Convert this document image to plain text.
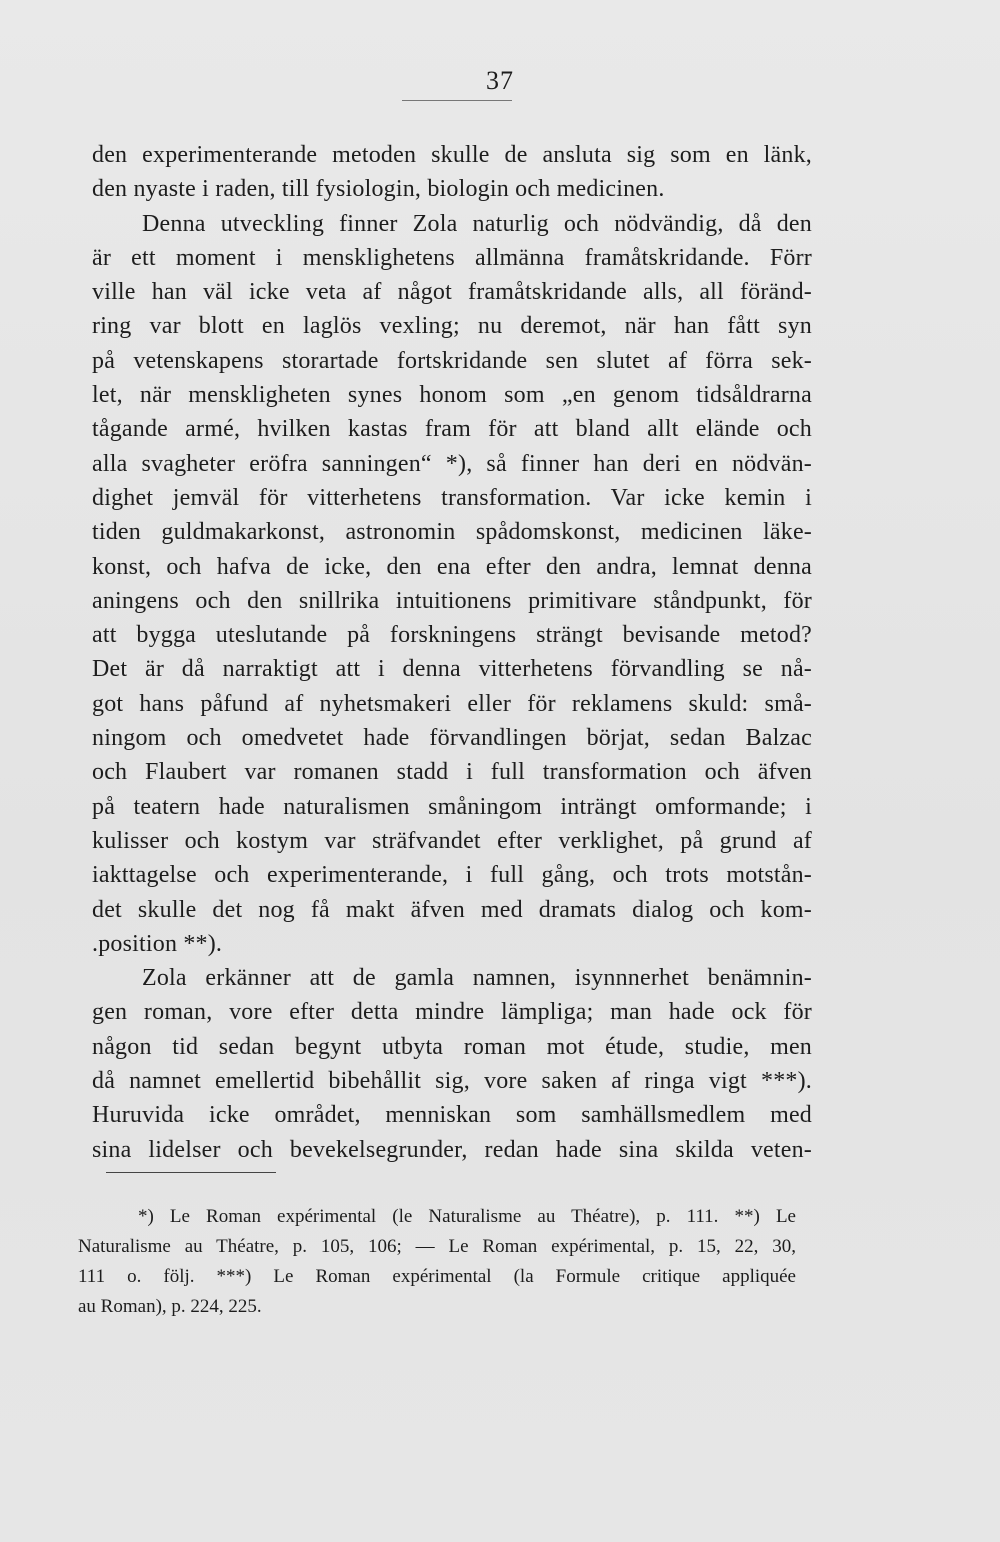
37
den experimenterande metoden skulle de ansluta sig som en länk,
den nyaste i raden, till fysiologin, biologin och medicinen.
Denna utveckling finner Zola naturlig och nödvändig, då den
är ett moment i mensklighetens allmänna framåtskridande. Förr
ville han väl icke veta af något framåtskridande alls, all föränd-
ring var blott en laglös vexling; nu deremot, när han fått syn
på vetenskapens storartade fortskridande sen slutet af förra sek-
let, när menskligheten synes honom som „en genom tidsåldrarna
tågande armé, hvilken kastas fram för att bland allt elände och
alla svagheter eröfra sanningen“ *), så finner han deri en nödvän-
dighet jemväl för vitterhetens transformation. Var icke kemin i
tiden guldmakarkonst, astronomin spådomskonst, medicinen läke-
konst, och hafva de icke, den ena efter den andra, lemnat denna
aningens och den snillrika intuitionens primitivare ståndpunkt, för
att bygga uteslutande på forskningens strängt bevisande metod?
Det är då narraktigt att i denna vitterhetens förvandling se nå-
got hans påfund af nyhetsmakeri eller för reklamens skuld: små-
ningom och omedvetet hade förvandlingen börjat, sedan Balzac
och Flaubert var romanen stadd i full transformation och äfven
på teatern hade naturalismen småningom inträngt omformande; i
kulisser och kostym var sträfvandet efter verklighet, på grund af
iakttagelse och experimenterande, i full gång, och trots motstån-
det skulle det nog få makt äfven med dramats dialog och kom-
.position **).
Zola erkänner att de gamla namnen, isynnnerhet benämnin-
gen roman, vore efter detta mindre lämpliga; man hade ock för
någon tid sedan begynt utbyta roman mot étude, studie, men
då namnet emellertid bibehållit sig, vore saken af ringa vigt ***).
Huruvida icke området, menniskan som samhällsmedlem med
sina lidelser och bevekelsegrunder, redan hade sina skilda veten-
*) Le Roman expérimental (le Naturalisme au Théatre), p. 111. **) Le
Naturalisme au Théatre, p. 105, 106; — Le Roman expérimental, p. 15, 22, 30,
111 o. följ. ***) Le Roman expérimental (la Formule critique appliquée
au Roman), p. 224, 225.
